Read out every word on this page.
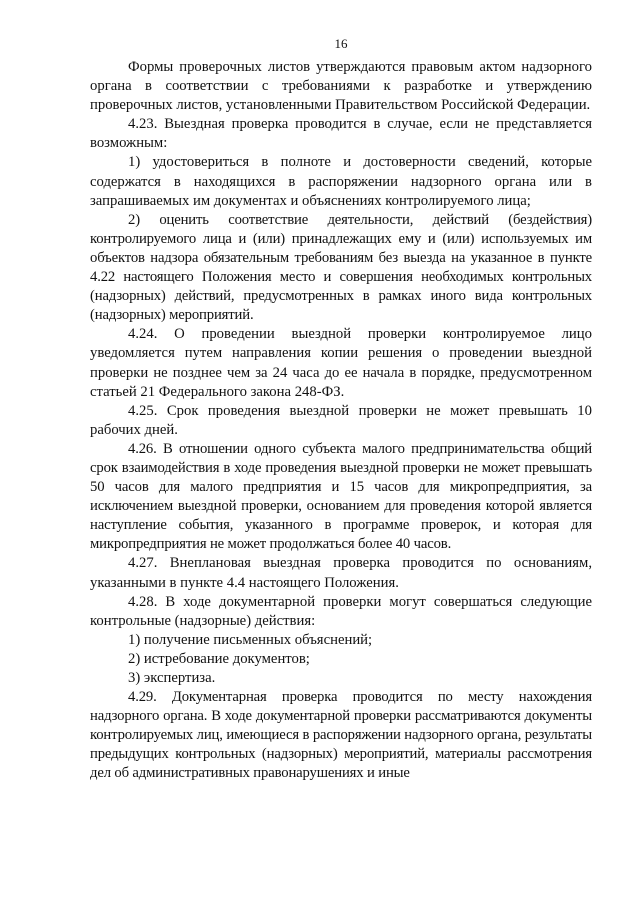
16

Формы проверочных листов утверждаются правовым актом надзорного органа в соответствии с требованиями к разработке и утверждению проверочных листов, установленными Правительством Российской Федерации.

4.23. Выездная проверка проводится в случае, если не представляется возможным:

1) удостовериться в полноте и достоверности сведений, которые содержатся в находящихся в распоряжении надзорного органа или в запрашиваемых им документах и объяснениях контролируемого лица;

2) оценить соответствие деятельности, действий (бездействия) контролируемого лица и (или) принадлежащих ему и (или) используемых им объектов надзора обязательным требованиям без выезда на указанное в пункте 4.22 настоящего Положения место и совершения необходимых контрольных (надзорных) действий, предусмотренных в рамках иного вида контрольных (надзорных) мероприятий.

4.24. О проведении выездной проверки контролируемое лицо уведомляется путем направления копии решения о проведении выездной проверки не позднее чем за 24 часа до ее начала в порядке, предусмотренном статьей 21 Федерального закона 248-ФЗ.

4.25. Срок проведения выездной проверки не может превышать 10 рабочих дней.

4.26. В отношении одного субъекта малого предпринимательства общий срок взаимодействия в ходе проведения выездной проверки не может превышать 50 часов для малого предприятия и 15 часов для микропредприятия, за исключением выездной проверки, основанием для проведения которой является наступление события, указанного в программе проверок, и которая для микропредприятия не может продолжаться более 40 часов.

4.27. Внеплановая выездная проверка проводится по основаниям, указанными в пункте 4.4 настоящего Положения.

4.28. В ходе документарной проверки могут совершаться следующие контрольные (надзорные) действия:

1) получение письменных объяснений;

2) истребование документов;

3) экспертиза.

4.29. Документарная проверка проводится по месту нахождения надзорного органа. В ходе документарной проверки рассматриваются документы контролируемых лиц, имеющиеся в распоряжении надзорного органа, результаты предыдущих контрольных (надзорных) мероприятий, материалы рассмотрения дел об административных правонарушениях и иные
